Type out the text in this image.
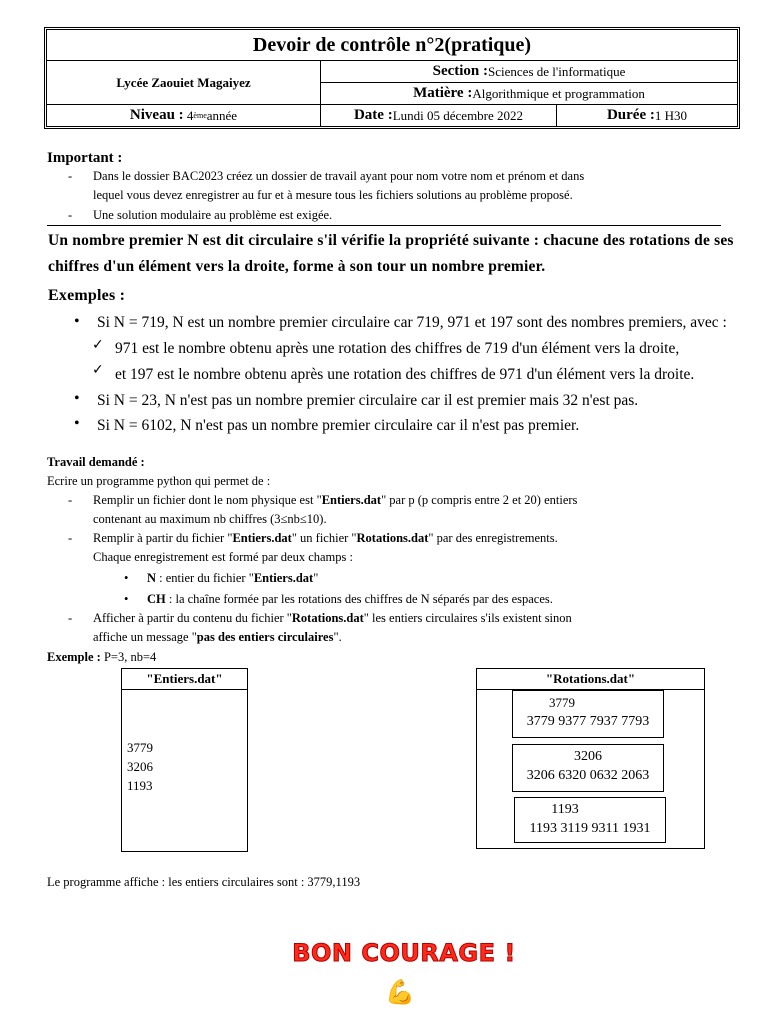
Devoir de contrôle n°2(pratique)
Lycée Zaouiet Magaiyez
Section : Sciences de l'informatique
Matière : Algorithmique et programmation
Niveau :
4 ème année	Date : Lundi 05 décembre 2022	Durée : 1 H30
Important :
- Dans le dossier BAC2023 créez un dossier de travail ayant pour nom votre nom et prénom et dans
lequel vous devez enregistrer au fur et à mesure tous les fichiers solutions au problème proposé.
- Une solution modulaire au problème est exigée.
Un nombre premier N est dit circulaire s'il vérifie la propriété suivante : chacune des rotations de ses
chiffres d'un élément vers la droite, forme à son tour un nombre premier.
Exemples :
• Si N = 719, N est un nombre premier circulaire car 719, 971 et 197 sont des nombres premiers, avec :
✓ 971 est le nombre obtenu après une rotation des chiffres de 719 d'un élément vers la droite,
✓ et 197 est le nombre obtenu après une rotation des chiffres de 971 d'un élément vers la droite.
• Si N = 23, N n'est pas un nombre premier circulaire car il est premier mais 32 n'est pas.
• Si N = 6102, N n'est pas un nombre premier circulaire car il n'est pas premier.
Travail demandé :
Ecrire un programme python qui permet de :
- Remplir un fichier dont le nom physique est "Entiers.dat" par p (p compris entre 2 et 20) entiers
contenant au maximum nb chiffres (3≤nb≤10).
- Remplir à partir du fichier "Entiers.dat" un fichier "Rotations.dat" par des enregistrements.
Chaque enregistrement est formé par deux champs :
• N : entier du fichier "Entiers.dat"
• CH : la chaîne formée par les rotations des chiffres de N séparés par des espaces.
- Afficher à partir du contenu du fichier "Rotations.dat" les entiers circulaires s'ils existent sinon
affiche un message "pas des entiers circulaires".
Exemple : P=3, nb=4
"Entiers.dat"
3779
3206
1193
"Rotations.dat"
3779
3779 9377 7937 7793
3206
3206 6320 0632 2063
1193
1193 3119 9311 1931
Le programme affiche : les entiers circulaires sont : 3779,1193
BON COURAGE !
💪
